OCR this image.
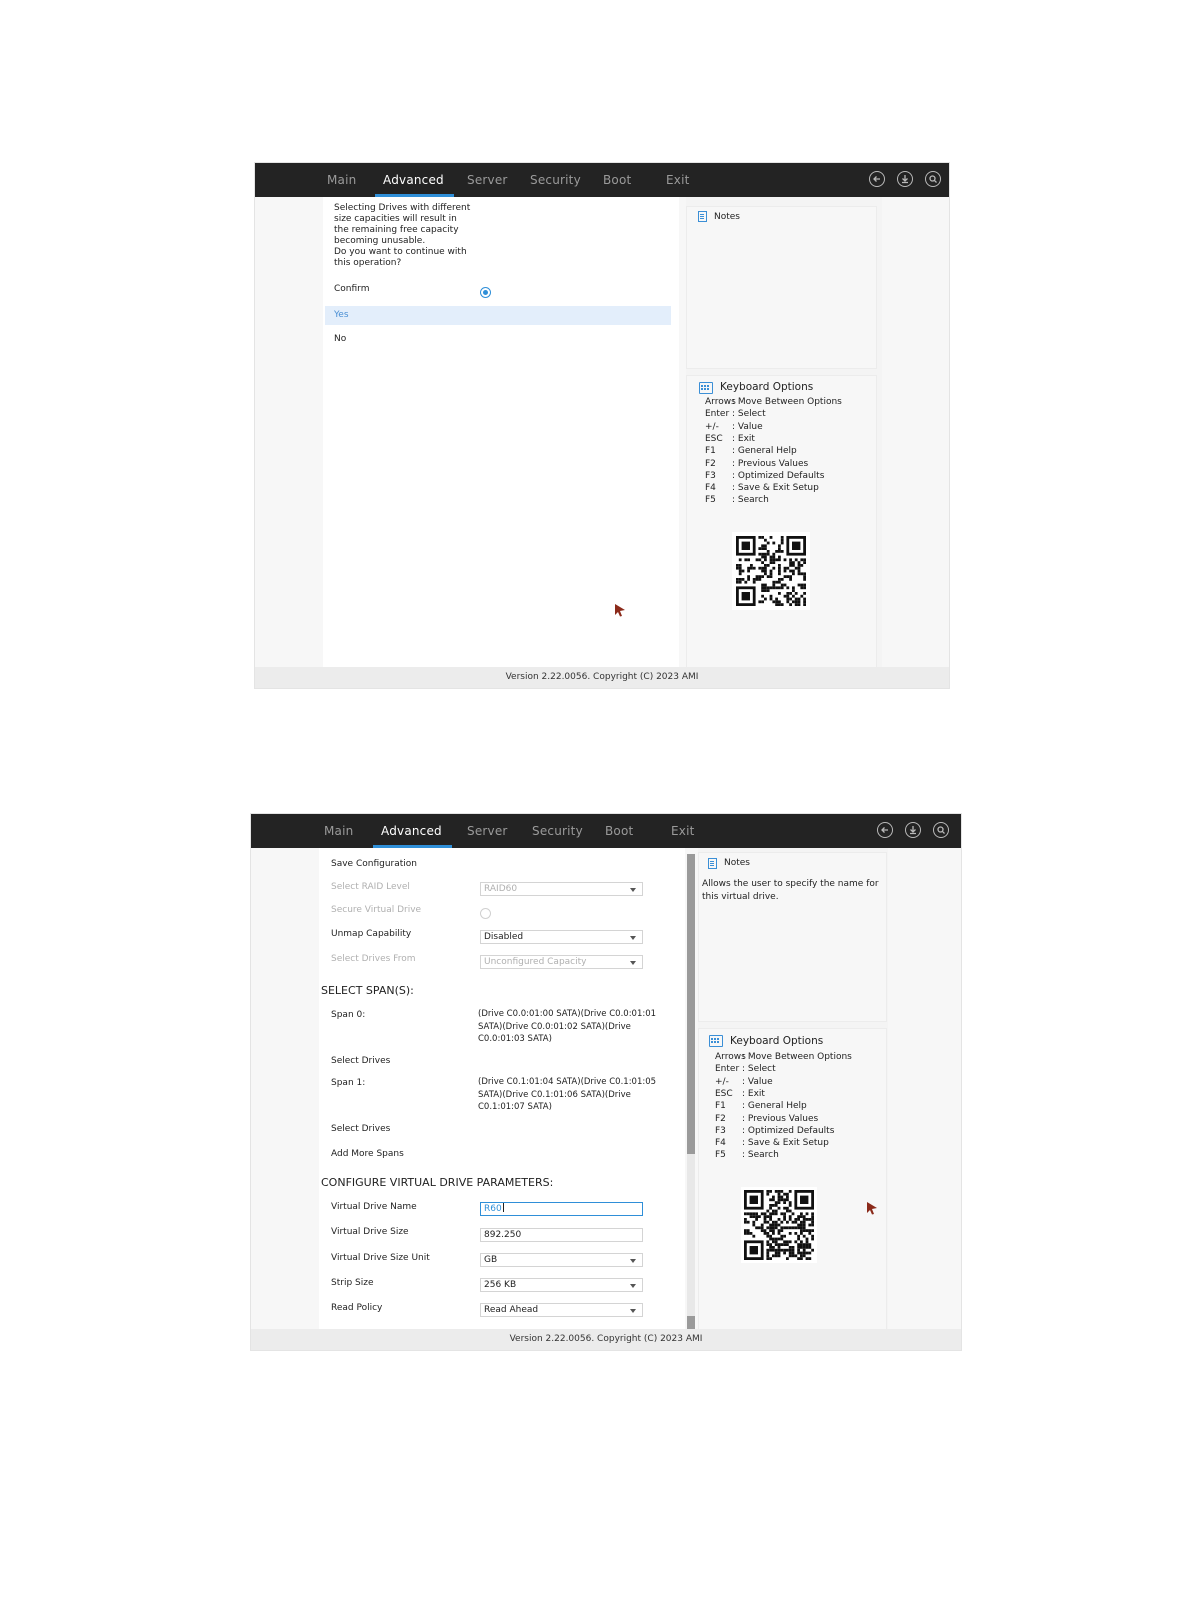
Main Advanced Server Security Boot	Exit
Selecting Drives with different
size capacities will result in
the remaining free capacity
becoming unusable.
Do you want to continue with
this operation?
Confirm
Yes
No
Notes
Keyboard Options
Arrows: Move Between Options
Enter : Select
+/- : Value
ESC : Exit
F1 : General Help
F2 : Previous Values
F3 : Optimized Defaults
F4 : Save & Exit Setup
F5 : Search
Version 2.22.0056. Copyright (C) 2023 AMI
Main Advanced Server Security Boot	Exit
Save Configuration
Select RAID Level	RAID60
Secure Virtual Drive
Unmap Capability	Disabled
Select Drives From	Unconfigured Capacity
SELECT SPAN(S):
Span 0:	(Drive C0.0:01:00 SATA)(Drive C0.0:01:01 SATA)(Drive C0.0:01:02 SATA)(Drive C0.0:01:03 SATA)
Select Drives
Span 1:	(Drive C0.1:01:04 SATA)(Drive C0.1:01:05 SATA)(Drive C0.1:01:06 SATA)(Drive C0.1:01:07 SATA)
Select Drives
Add More Spans
CONFIGURE VIRTUAL DRIVE PARAMETERS:
Virtual Drive Name	R60
Virtual Drive Size	892.250
Virtual Drive Size Unit	GB
Strip Size	256 KB
Read Policy	Read Ahead
Notes
Allows the user to specify the name for this virtual drive.
Keyboard Options
Arrows: Move Between Options
Enter : Select
+/- : Value
ESC : Exit
F1 : General Help
F2 : Previous Values
F3 : Optimized Defaults
F4 : Save & Exit Setup
F5 : Search
Version 2.22.0056. Copyright (C) 2023 AMI
